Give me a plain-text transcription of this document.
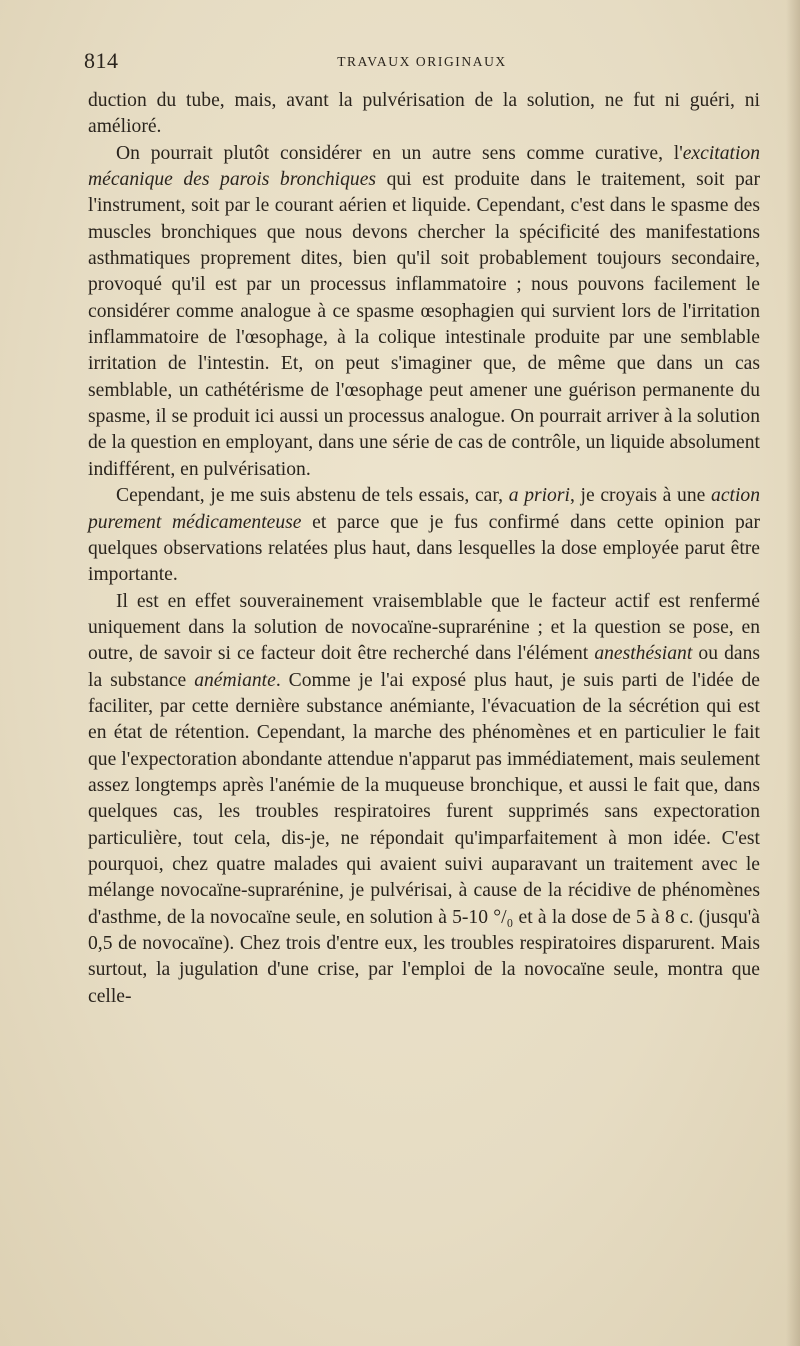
814	TRAVAUX ORIGINAUX

duction du tube, mais, avant la pulvérisation de la solution, ne fut ni guéri, ni amélioré.

On pourrait plutôt considérer en un autre sens comme curative, l'excitation mécanique des parois bronchiques qui est produite dans le traitement, soit par l'instrument, soit par le courant aérien et liquide. Cependant, c'est dans le spasme des muscles bronchiques que nous devons chercher la spécificité des manifestations asthmatiques proprement dites, bien qu'il soit probablement toujours secondaire, provoqué qu'il est par un processus inflammatoire ; nous pouvons facilement le considérer comme analogue à ce spasme œsophagien qui survient lors de l'irritation inflammatoire de l'œsophage, à la colique intestinale produite par une semblable irritation de l'intestin. Et, on peut s'imaginer que, de même que dans un cas semblable, un cathétérisme de l'œsophage peut amener une guérison permanente du spasme, il se produit ici aussi un processus analogue. On pourrait arriver à la solution de la question en employant, dans une série de cas de contrôle, un liquide absolument indifférent, en pulvérisation.

Cependant, je me suis abstenu de tels essais, car, a priori, je croyais à une action purement médicamenteuse et parce que je fus confirmé dans cette opinion par quelques observations relatées plus haut, dans lesquelles la dose employée parut être importante.

Il est en effet souverainement vraisemblable que le facteur actif est renfermé uniquement dans la solution de novocaïne-suprarénine ; et la question se pose, en outre, de savoir si ce facteur doit être recherché dans l'élément anesthésiant ou dans la substance anémiante. Comme je l'ai exposé plus haut, je suis parti de l'idée de faciliter, par cette dernière substance anémiante, l'évacuation de la sécrétion qui est en état de rétention. Cependant, la marche des phénomènes et en particulier le fait que l'expectoration abondante attendue n'apparut pas immédiatement, mais seulement assez longtemps après l'anémie de la muqueuse bronchique, et aussi le fait que, dans quelques cas, les troubles respiratoires furent supprimés sans expectoration particulière, tout cela, dis-je, ne répondait qu'imparfaitement à mon idée. C'est pourquoi, chez quatre malades qui avaient suivi auparavant un traitement avec le mélange novocaïne-suprarénine, je pulvérisai, à cause de la récidive de phénomènes d'asthme, de la novocaïne seule, en solution à 5-10 °/₀ et à la dose de 5 à 8 c. (jusqu'à 0,5 de novocaïne). Chez trois d'entre eux, les troubles respiratoires disparurent. Mais surtout, la jugulation d'une crise, par l'emploi de la novocaïne seule, montra que celle-
